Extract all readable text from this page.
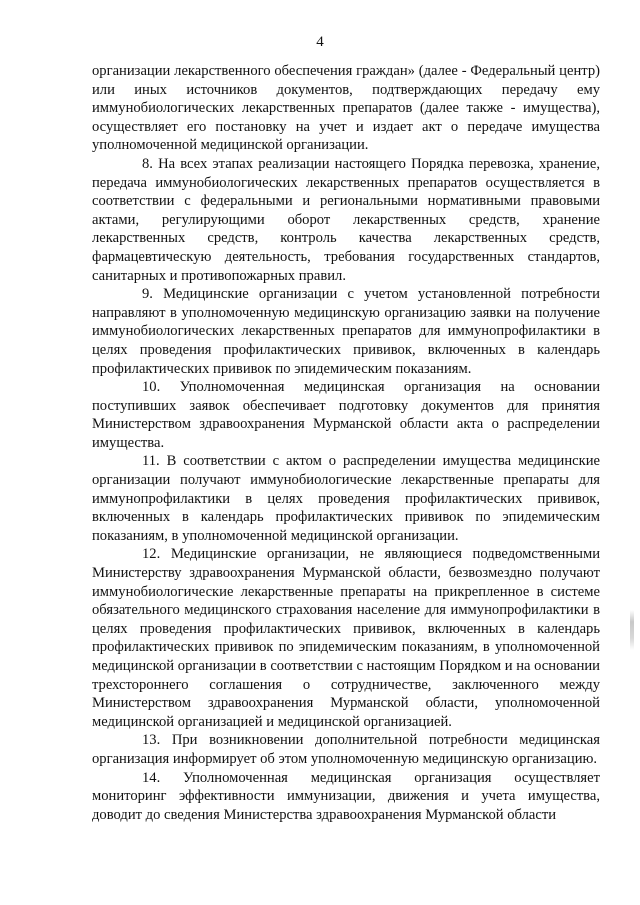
4

организации лекарственного обеспечения граждан» (далее - Федеральный центр) или иных источников документов, подтверждающих передачу ему иммунобиологических лекарственных препаратов (далее также - имущества), осуществляет его постановку на учет и издает акт о передаче имущества уполномоченной медицинской организации.

8. На всех этапах реализации настоящего Порядка перевозка, хранение, передача иммунобиологических лекарственных препаратов осуществляется в соответствии с федеральными и региональными нормативными правовыми актами, регулирующими оборот лекарственных средств, хранение лекарственных средств, контроль качества лекарственных средств, фармацевтическую деятельность, требования государственных стандартов, санитарных и противопожарных правил.

9. Медицинские организации с учетом установленной потребности направляют в уполномоченную медицинскую организацию заявки на получение иммунобиологических лекарственных препаратов для иммунопрофилактики в целях проведения профилактических прививок, включенных в календарь профилактических прививок по эпидемическим показаниям.

10. Уполномоченная медицинская организация на основании поступивших заявок обеспечивает подготовку документов для принятия Министерством здравоохранения Мурманской области акта о распределении имущества.

11. В соответствии с актом о распределении имущества медицинские организации получают иммунобиологические лекарственные препараты для иммунопрофилактики в целях проведения профилактических прививок, включенных в календарь профилактических прививок по эпидемическим показаниям, в уполномоченной медицинской организации.

12. Медицинские организации, не являющиеся подведомственными Министерству здравоохранения Мурманской области, безвозмездно получают иммунобиологические лекарственные препараты на прикрепленное в системе обязательного медицинского страхования население для иммунопрофилактики в целях проведения профилактических прививок, включенных в календарь профилактических прививок по эпидемическим показаниям, в уполномоченной медицинской организации в соответствии с настоящим Порядком и на основании трехстороннего соглашения о сотрудничестве, заключенного между Министерством здравоохранения Мурманской области, уполномоченной медицинской организацией и медицинской организацией.

13. При возникновении дополнительной потребности медицинская организация информирует об этом уполномоченную медицинскую организацию.

14. Уполномоченная медицинская организация осуществляет мониторинг эффективности иммунизации, движения и учета имущества, доводит до сведения Министерства здравоохранения Мурманской области
